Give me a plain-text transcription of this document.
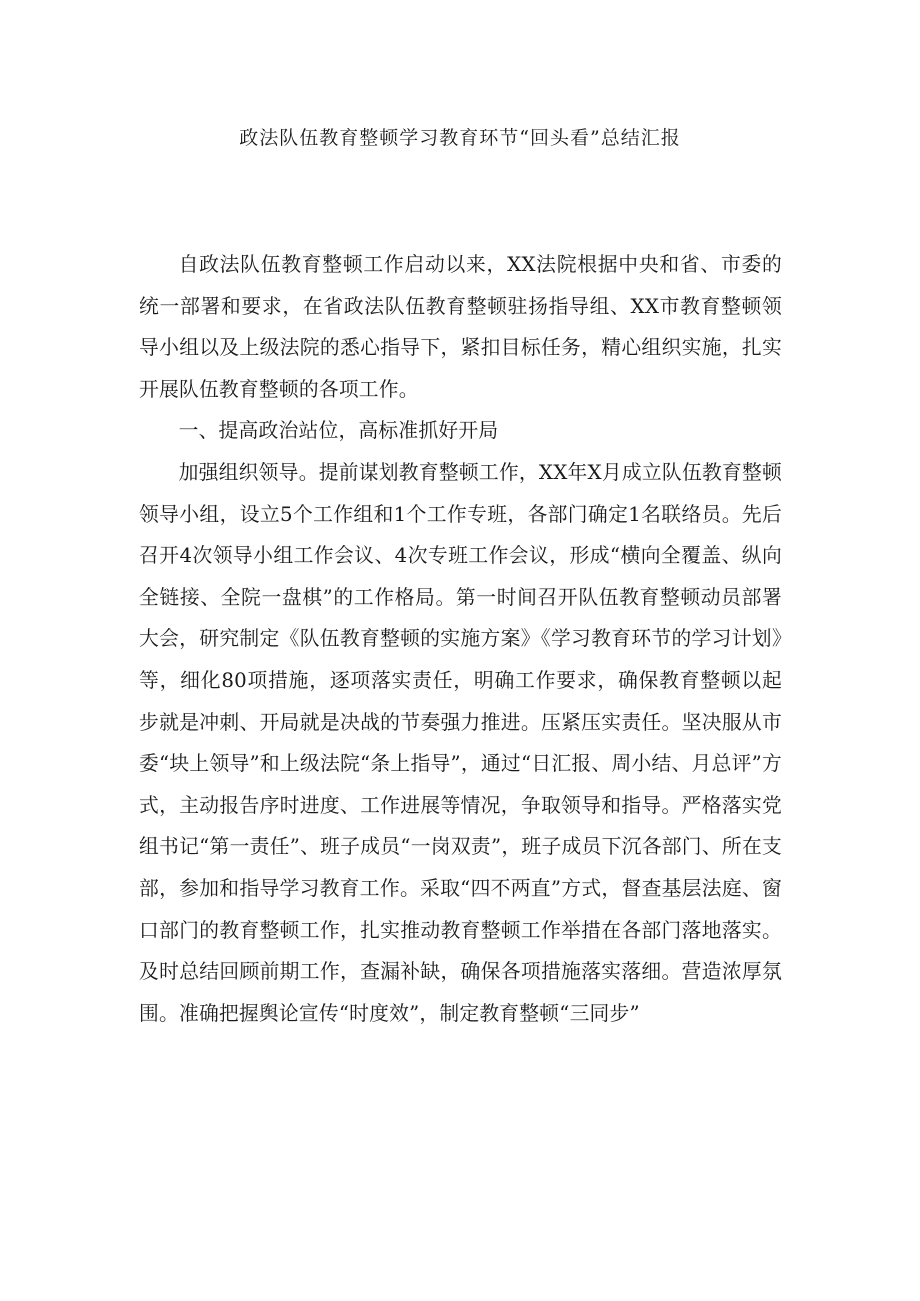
政法队伍教育整顿学习教育环节“回头看”总结汇报

自政法队伍教育整顿工作启动以来，XX法院根据中央和省、市委的统一部署和要求，在省政法队伍教育整顿驻扬指导组、XX市教育整顿领导小组以及上级法院的悉心指导下，紧扣目标任务，精心组织实施，扎实开展队伍教育整顿的各项工作。

一、提高政治站位，高标准抓好开局

加强组织领导。提前谋划教育整顿工作，XX年X月成立队伍教育整顿领导小组，设立5个工作组和1个工作专班，各部门确定1名联络员。先后召开4次领导小组工作会议、4次专班工作会议，形成“横向全覆盖、纵向全链接、全院一盘棋”的工作格局。第一时间召开队伍教育整顿动员部署大会，研究制定《队伍教育整顿的实施方案》《学习教育环节的学习计划》等，细化80项措施，逐项落实责任，明确工作要求，确保教育整顿以起步就是冲刺、开局就是决战的节奏强力推进。压紧压实责任。坚决服从市委“块上领导”和上级法院“条上指导”，通过“日汇报、周小结、月总评”方式，主动报告序时进度、工作进展等情况，争取领导和指导。严格落实党组书记“第一责任”、班子成员“一岗双责”，班子成员下沉各部门、所在支部，参加和指导学习教育工作。采取“四不两直”方式，督查基层法庭、窗口部门的教育整顿工作，扎实推动教育整顿工作举措在各部门落地落实。及时总结回顾前期工作，查漏补缺，确保各项措施落实落细。营造浓厚氛围。准确把握舆论宣传“时度效”，制定教育整顿“三同步”
